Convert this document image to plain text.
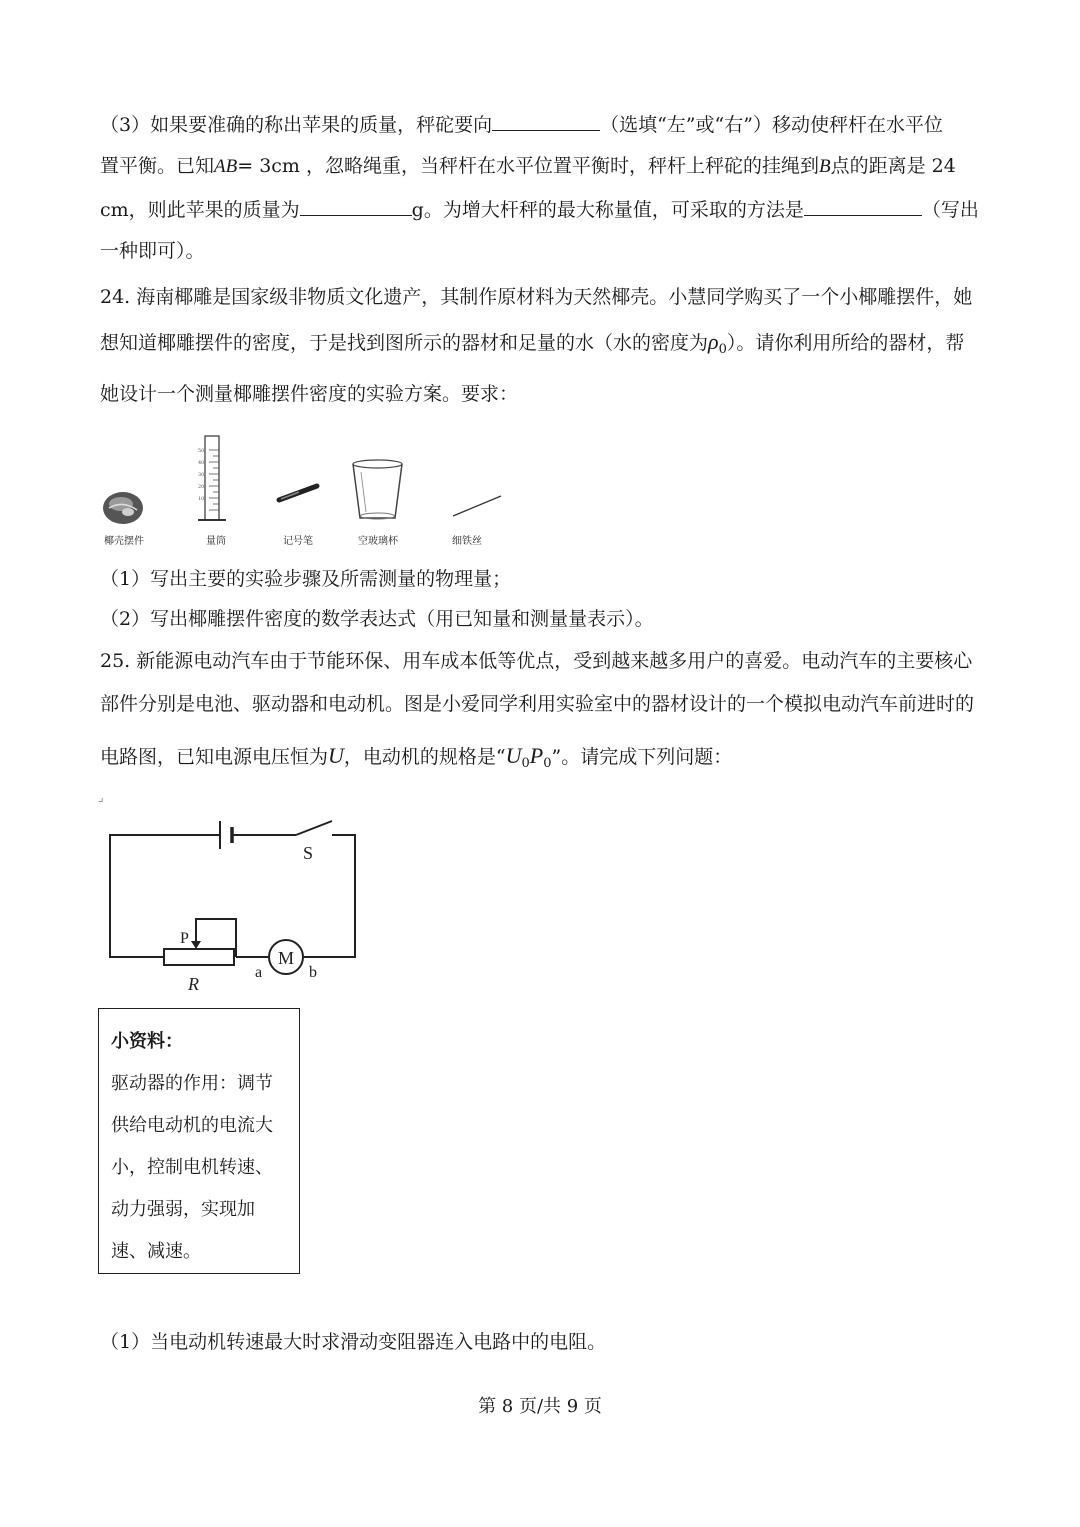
（3）如果要准确的称出苹果的质量，秤砣要向	（选填“左”或“右”）移动使秤杆在水平位
置平衡。已知AB= 3cm ，忽略绳重，当秤杆在水平位置平衡时，秤杆上秤砣的挂绳到B点的距离是 24
cm，则此苹果的质量为	g。为增大杆秤的最大称量值，可采取的方法是	（写出
一种即可）。
24. 海南椰雕是国家级非物质文化遗产，其制作原材料为天然椰壳。小慧同学购买了一个小椰雕摆件，她
想知道椰雕摆件的密度，于是找到图所示的器材和足量的水（水的密度为$\rho_0$）。请你利用所给的器材，帮
她设计一个测量椰雕摆件密度的实验方案。要求：
50
40
30
20
10
椰壳摆件	量筒	记号笔	空玻璃杯	细铁丝
（1）写出主要的实验步骤及所需测量的物理量；
（2）写出椰雕摆件密度的数学表达式（用已知量和测量量表示）。
25. 新能源电动汽车由于节能环保、用车成本低等优点，受到越来越多用户的喜爱。电动汽车的主要核心
部件分别是电池、驱动器和电动机。图是小爱同学利用实验室中的器材设计的一个模拟电动汽车前进时的
电路图，已知电源电压恒为U，电动机的规格是“$U_0P_0$”。请完成下列问题：
⌟
P
S
M
a	b
R
小资料：
驱动器的作用：调节
供给电动机的电流大
小，控制电机转速、
动力强弱，实现加
速、减速。
（1）当电动机转速最大时求滑动变阻器连入电路中的电阻。
第 8 页/共 9 页
